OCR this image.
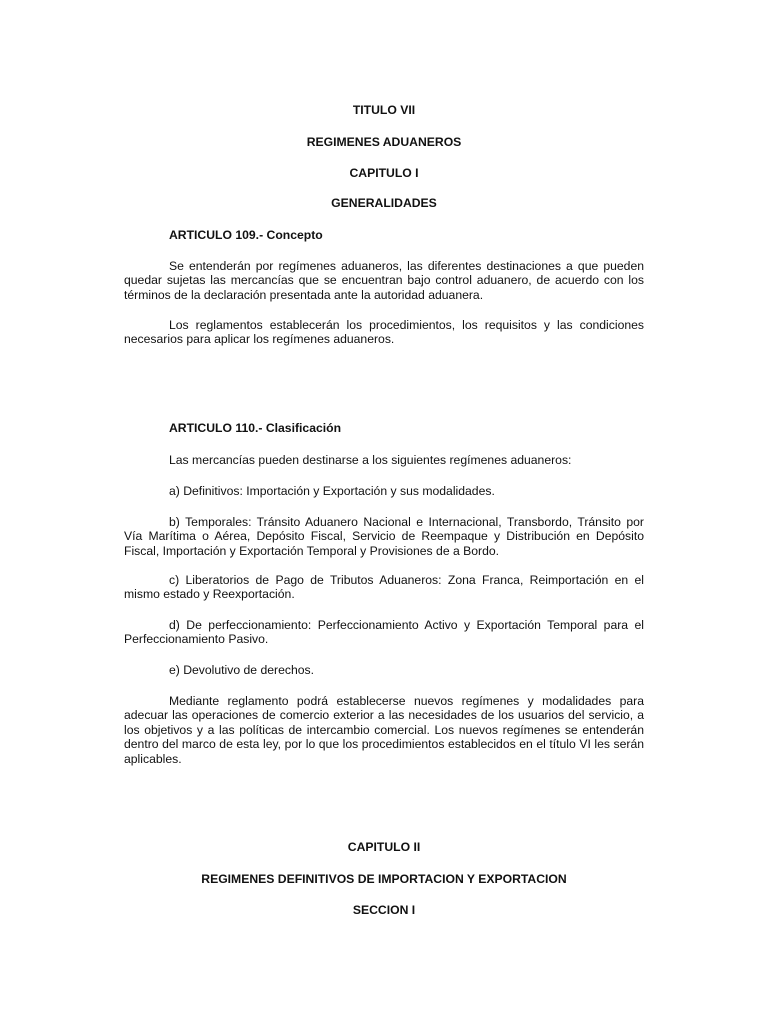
TITULO VII

REGIMENES ADUANEROS

CAPITULO I

GENERALIDADES

ARTICULO 109.- Concepto

Se entenderán por regímenes aduaneros, las diferentes destinaciones a que pueden quedar sujetas las mercancías que se encuentran bajo control aduanero, de acuerdo con los términos de la declaración presentada ante la autoridad aduanera.

Los reglamentos establecerán los procedimientos, los requisitos y las condiciones necesarios para aplicar los regímenes aduaneros.

ARTICULO 110.- Clasificación

Las mercancías pueden destinarse a los siguientes regímenes aduaneros:

a) Definitivos: Importación y Exportación y sus modalidades.

b) Temporales: Tránsito Aduanero Nacional e Internacional, Transbordo, Tránsito por Vía Marítima o Aérea, Depósito Fiscal, Servicio de Reempaque y Distribución en Depósito Fiscal, Importación y Exportación Temporal y Provisiones de a Bordo.

c) Liberatorios de Pago de Tributos Aduaneros: Zona Franca, Reimportación en el mismo estado y Reexportación.

d) De perfeccionamiento: Perfeccionamiento Activo y Exportación Temporal para el Perfeccionamiento Pasivo.

e) Devolutivo de derechos.

Mediante reglamento podrá establecerse nuevos regímenes y modalidades para adecuar las operaciones de comercio exterior a las necesidades de los usuarios del servicio, a los objetivos y a las políticas de intercambio comercial. Los nuevos regímenes se entenderán dentro del marco de esta ley, por lo que los procedimientos establecidos en el título VI les serán aplicables.

CAPITULO II

REGIMENES DEFINITIVOS DE IMPORTACION Y EXPORTACION

SECCION I
